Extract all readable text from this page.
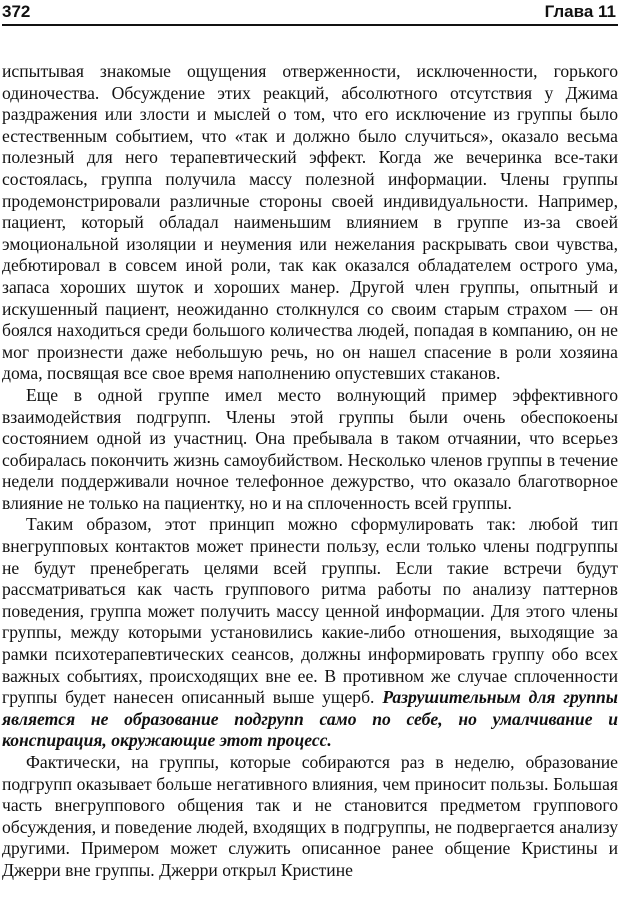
372	Глава 11

испытывая знакомые ощущения отверженности, исключенности, горького одиночества. Обсуждение этих реакций, абсолютного отсутствия у Джима раздражения или злости и мыслей о том, что его исключение из группы было естественным событием, что «так и должно было случиться», оказало весьма полезный для него терапевтический эффект. Когда же вечеринка все-таки состоялась, группа получила массу полезной информации. Члены группы продемонстрировали различные стороны своей индивидуальности. Например, пациент, который обладал наименьшим влиянием в группе из-за своей эмоциональной изоляции и неумения или нежелания раскрывать свои чувства, дебютировал в совсем иной роли, так как оказался обладателем острого ума, запаса хороших шуток и хороших манер. Другой член группы, опытный и искушенный пациент, неожиданно столкнулся со своим старым страхом — он боялся находиться среди большого количества людей, попадая в компанию, он не мог произнести даже небольшую речь, но он нашел спасение в роли хозяина дома, посвящая все свое время наполнению опустевших стаканов.

Еще в одной группе имел место волнующий пример эффективного взаимодействия подгрупп. Члены этой группы были очень обеспокоены состоянием одной из участниц. Она пребывала в таком отчаянии, что всерьез собиралась покончить жизнь самоубийством. Несколько членов группы в течение недели поддерживали ночное телефонное дежурство, что оказало благотворное влияние не только на пациентку, но и на сплоченность всей группы.

Таким образом, этот принцип можно сформулировать так: любой тип внегрупповых контактов может принести пользу, если только члены подгруппы не будут пренебрегать целями всей группы. Если такие встречи будут рассматриваться как часть группового ритма работы по анализу паттернов поведения, группа может получить массу ценной информации. Для этого члены группы, между которыми установились какие-либо отношения, выходящие за рамки психотерапевтических сеансов, должны информировать группу обо всех важных событиях, происходящих вне ее. В противном же случае сплоченности группы будет нанесен описанный выше ущерб. Разрушительным для группы является не образование подгрупп само по себе, но умалчивание и конспирация, окружающие этот процесс.

Фактически, на группы, которые собираются раз в неделю, образование подгрупп оказывает больше негативного влияния, чем приносит пользы. Большая часть внегруппового общения так и не становится предметом группового обсуждения, и поведение людей, входящих в подгруппы, не подвергается анализу другими. Примером может служить описанное ранее общение Кристины и Джерри вне группы. Джерри открыл Кристине
